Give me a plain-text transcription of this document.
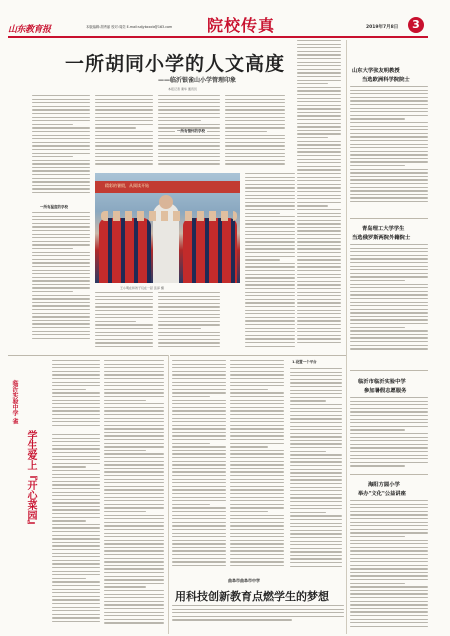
山东教育报	本版编辑:胡秀丽 校对:周奕 E-mail:sdjybxxcb@163.com 院校传真	2019年7月8日	3
一所胡同小学的人文高度
——临沂银雀山小学管理印象
本报记者 秦华 通讯员
一所有温度的学校
一所有情怀的学校
精彩的暑假，从阅读开始
王小明在和孩子们在一起 张泽 摄
山东大学张友明教授
当选欧洲科学院院士
青岛理工大学学生
当选俄罗斯两院外籍院士
临沂市临沂实验中学
参加暑假志愿服务
海阳方圆小学
举办"文化"公益讲座
临沂实验中学 雀
学生爱上『开心菜园』
1.设置一个平台
曲阜市曲阜市中学
用科技创新教育点燃学生的梦想
